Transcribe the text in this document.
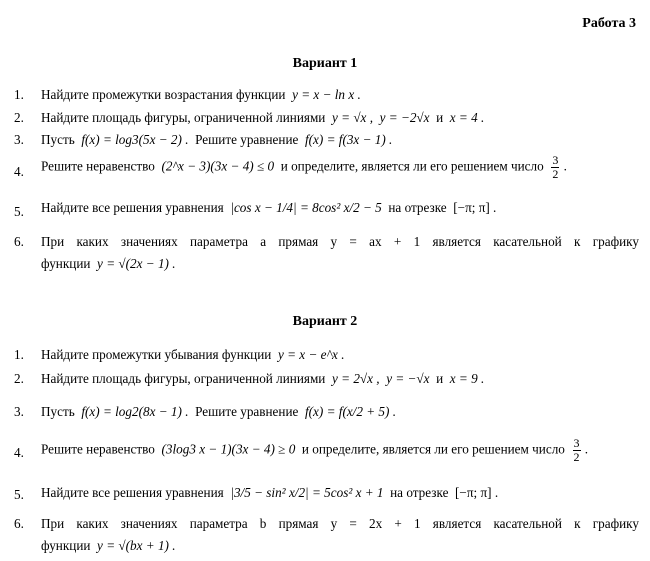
Работа 3
Вариант 1
1. Найдите промежутки возрастания функции y = x − ln x .
2. Найдите площадь фигуры, ограниченной линиями y = √x , y = −2√x и x = 4 .
3. Пусть f(x) = log3(5x − 2) . Решите уравнение f(x) = f(3x − 1) .
4. Решите неравенство (2^x − 3)(3x − 4) ≤ 0 и определите, является ли его решением число $\frac{3}{2}$ .
5. Найдите все решения уравнения |cos x − 1/4| = 8cos² x/2 − 5 на отрезке [−π; π] .
6. При каких значениях параметра a прямая y = ax + 1 является касательной к графику
функции y = √(2x − 1) .
Вариант 2
1. Найдите промежутки убывания функции y = x − e^x .
2. Найдите площадь фигуры, ограниченной линиями y = 2√x , y = −√x и x = 9 .
3. Пусть f(x) = log2(8x − 1) . Решите уравнение f(x) = f(x/2 + 5) .
4. Решите неравенство (3log3 x − 1)(3x − 4) ≥ 0 и определите, является ли его решением число $\frac{3}{2}$ .
5. Найдите все решения уравнения |3/5 − sin² x/2| = 5cos² x + 1 на отрезке [−π; π] .
6. При каких значениях параметра b прямая y = 2x + 1 является касательной к графику
функции y = √(bx + 1) .
